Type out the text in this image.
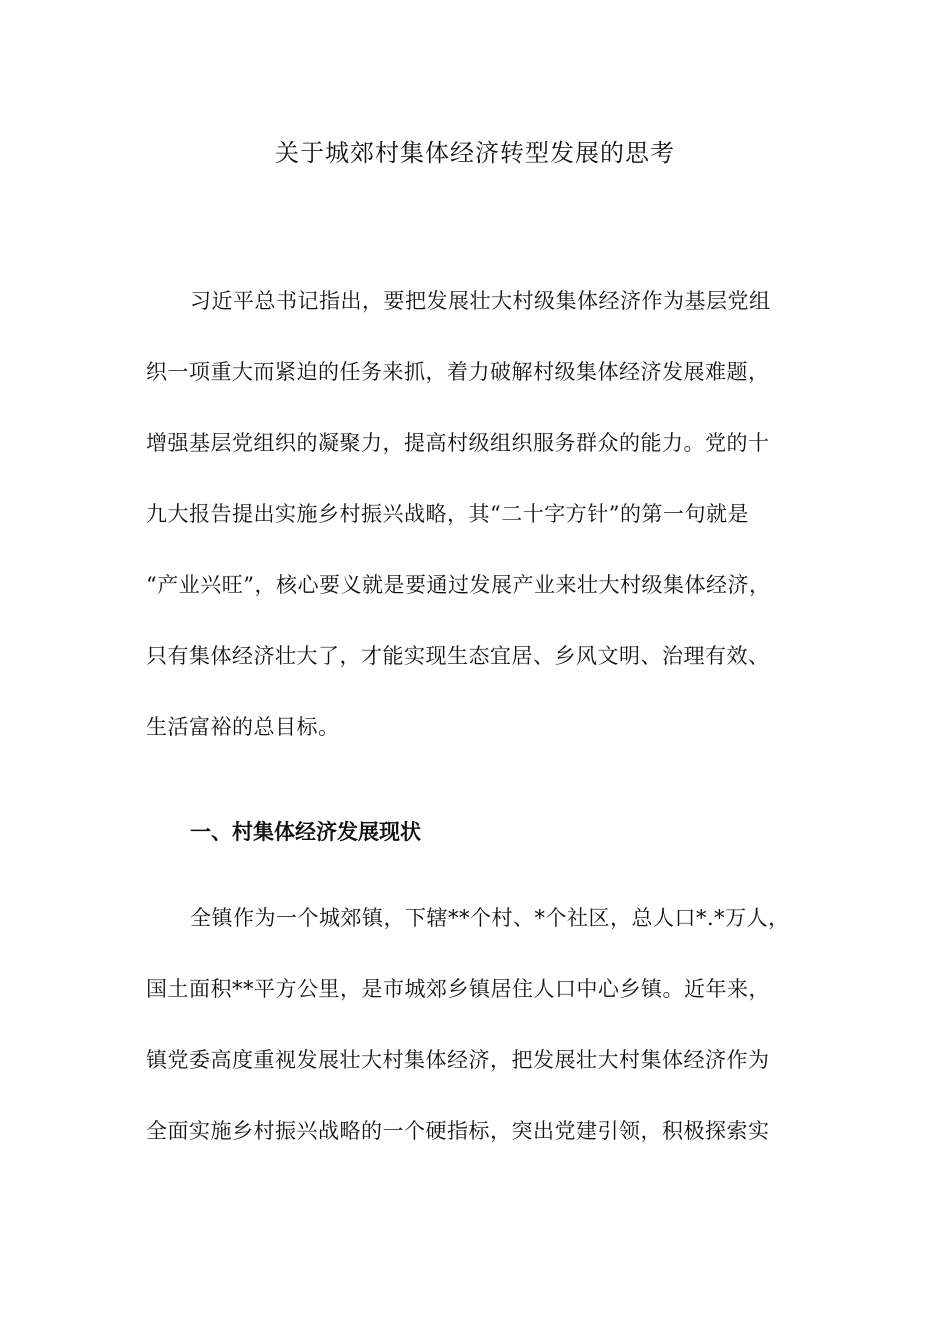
关于城郊村集体经济转型发展的思考

习近平总书记指出，要把发展壮大村级集体经济作为基层党组

织一项重大而紧迫的任务来抓，着力破解村级集体经济发展难题，

增强基层党组织的凝聚力，提高村级组织服务群众的能力。党的十

九大报告提出实施乡村振兴战略，其“二十字方针”的第一句就是

“产业兴旺”，核心要义就是要通过发展产业来壮大村级集体经济，

只有集体经济壮大了，才能实现生态宜居、乡风文明、治理有效、

生活富裕的总目标。

一、村集体经济发展现状

全镇作为一个城郊镇，下辖**个村、*个社区，总人口*.*万人，

国土面积**平方公里，是市城郊乡镇居住人口中心乡镇。近年来，

镇党委高度重视发展壮大村集体经济，把发展壮大村集体经济作为

全面实施乡村振兴战略的一个硬指标，突出党建引领，积极探索实
